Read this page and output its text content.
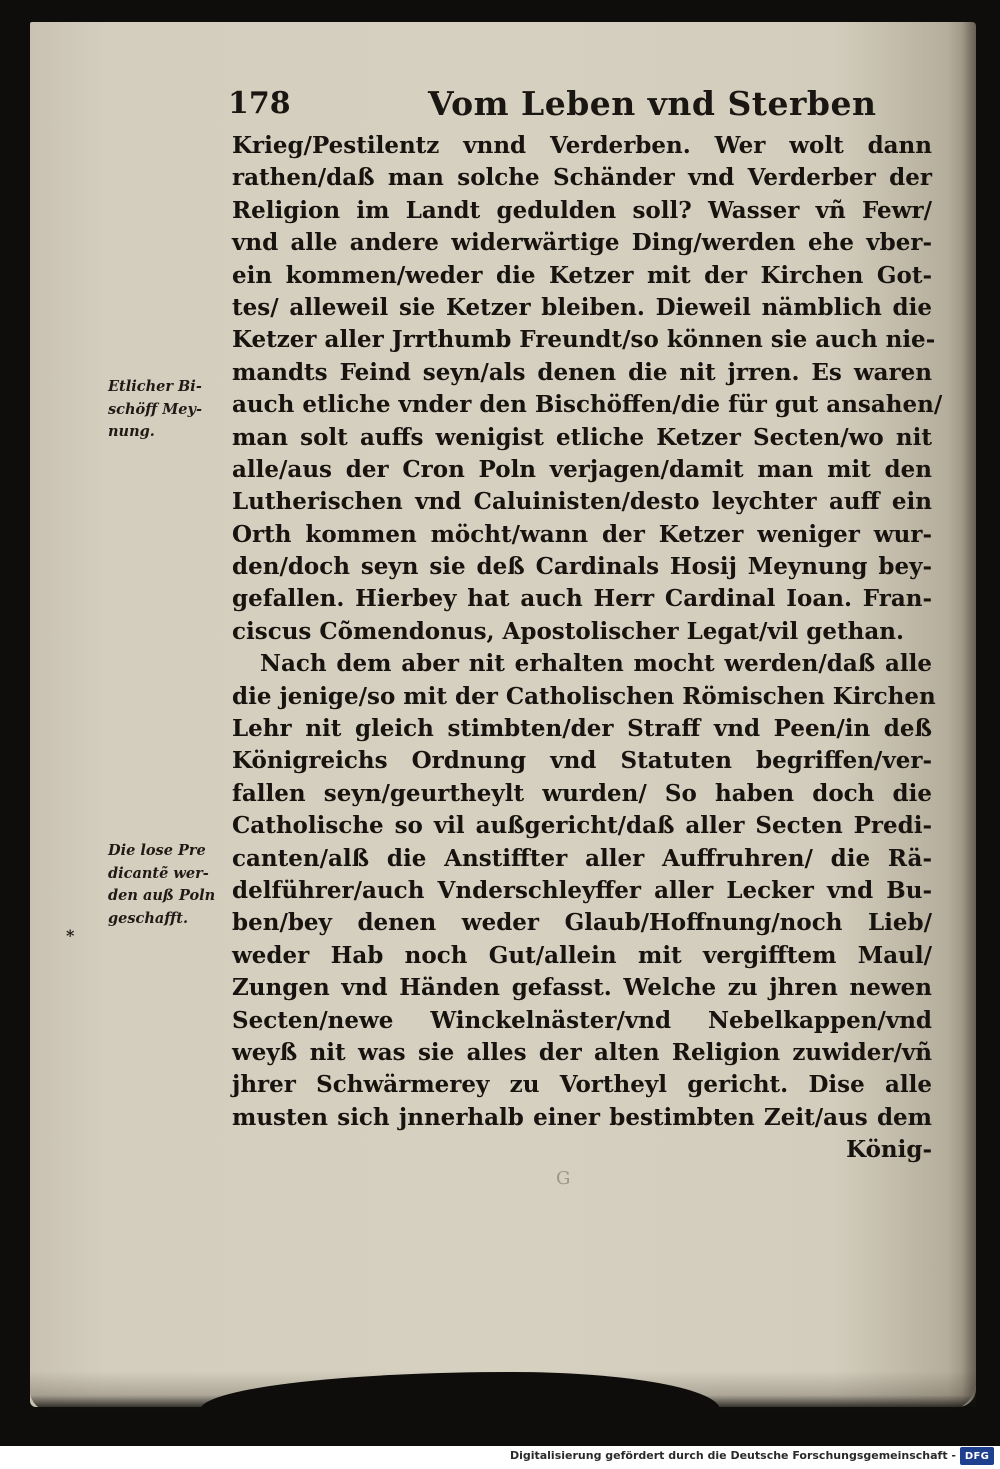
178	Vom Leben vnd Sterben
Etlicher Bi-
schöff Mey-
nung.
Die lose Pre
dicantẽ wer-
den auß Poln
geschafft.
*
G
Krieg/Pestilentz vnnd Verderben. Wer wolt dann
rathen/daß man solche Schänder vnd Verderber der
Religion im Landt gedulden soll? Wasser vñ Fewr/
vnd alle andere widerwärtige Ding/werden ehe vber-
ein kommen/weder die Ketzer mit der Kirchen Got-
tes/ alleweil sie Ketzer bleiben. Dieweil nämblich die
Ketzer aller Jrrthumb Freundt/so können sie auch nie-
mandts Feind seyn/als denen die nit jrren. Es waren
auch etliche vnder den Bischöffen/die für gut ansahen/
man solt auffs wenigist etliche Ketzer Secten/wo nit
alle/aus der Cron Poln verjagen/damit man mit den
Lutherischen vnd Caluinisten/desto leychter auff ein
Orth kommen möcht/wann der Ketzer weniger wur-
den/doch seyn sie deß Cardinals Hosij Meynung bey-
gefallen. Hierbey hat auch Herr Cardinal Ioan. Fran-
ciscus Cõmendonus, Apostolischer Legat/vil gethan.
Nach dem aber nit erhalten mocht werden/daß alle
die jenige/so mit der Catholischen Römischen Kirchen
Lehr nit gleich stimbten/der Straff vnd Peen/in deß
Königreichs Ordnung vnd Statuten begriffen/ver-
fallen seyn/geurtheylt wurden/ So haben doch die
Catholische so vil außgericht/daß aller Secten Predi-
canten/alß die Anstiffter aller Auffruhren/ die Rä-
delführer/auch Vnderschleyffer aller Lecker vnd Bu-
ben/bey denen weder Glaub/Hoffnung/noch Lieb/
weder Hab noch Gut/allein mit vergifftem Maul/
Zungen vnd Händen gefasst. Welche zu jhren newen
Secten/newe Winckelnäster/vnd Nebelkappen/vnd
weyß nit was sie alles der alten Religion zuwider/vñ
jhrer Schwärmerey zu Vortheyl gericht. Dise alle
musten sich jnnerhalb einer bestimbten Zeit/aus dem
König-
Digitalisierung gefördert durch die Deutsche Forschungsgemeinschaft - DFG
